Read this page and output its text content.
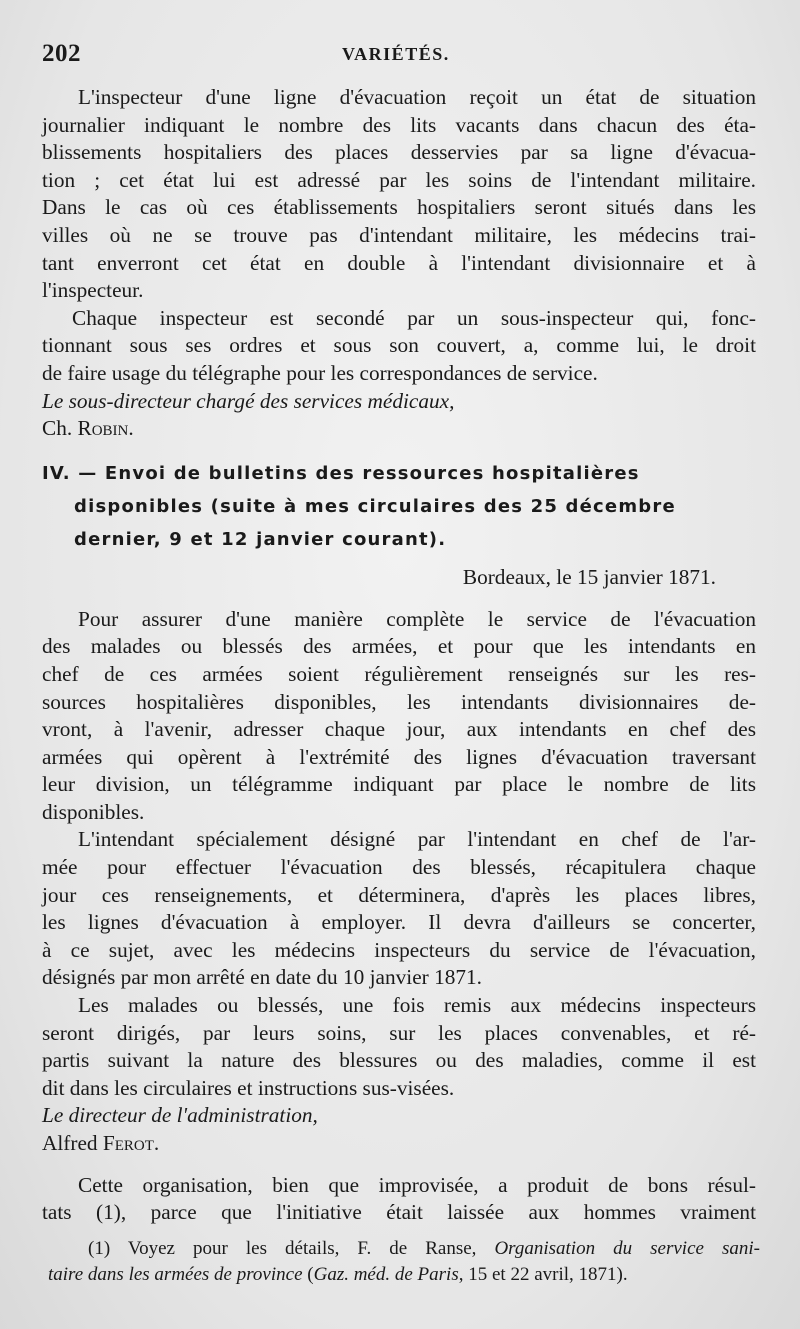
202	VARIÉTÉS.
L'inspecteur d'une ligne d'évacuation reçoit un état de situation
journalier indiquant le nombre des lits vacants dans chacun des éta-
blissements hospitaliers des places desservies par sa ligne d'évacua-
tion ; cet état lui est adressé par les soins de l'intendant militaire.
Dans le cas où ces établissements hospitaliers seront situés dans les
villes où ne se trouve pas d'intendant militaire, les médecins trai-
tant enverront cet état en double à l'intendant divisionnaire et à
l'inspecteur.
Chaque inspecteur est secondé par un sous-inspecteur qui, fonc-
tionnant sous ses ordres et sous son couvert, a, comme lui, le droit
de faire usage du télégraphe pour les correspondances de service.
Le sous-directeur chargé des services médicaux,
Ch. Robin.
IV. — Envoi de bulletins des ressources hospitalières
disponibles (suite à mes circulaires des 25 décembre
dernier, 9 et 12 janvier courant).
Bordeaux, le 15 janvier 1871.
Pour assurer d'une manière complète le service de l'évacuation
des malades ou blessés des armées, et pour que les intendants en
chef de ces armées soient régulièrement renseignés sur les res-
sources hospitalières disponibles, les intendants divisionnaires de-
vront, à l'avenir, adresser chaque jour, aux intendants en chef des
armées qui opèrent à l'extrémité des lignes d'évacuation traversant
leur division, un télégramme indiquant par place le nombre de lits
disponibles.
L'intendant spécialement désigné par l'intendant en chef de l'ar-
mée pour effectuer l'évacuation des blessés, récapitulera chaque
jour ces renseignements, et déterminera, d'après les places libres,
les lignes d'évacuation à employer. Il devra d'ailleurs se concerter,
à ce sujet, avec les médecins inspecteurs du service de l'évacuation,
désignés par mon arrêté en date du 10 janvier 1871.
Les malades ou blessés, une fois remis aux médecins inspecteurs
seront dirigés, par leurs soins, sur les places convenables, et ré-
partis suivant la nature des blessures ou des maladies, comme il est
dit dans les circulaires et instructions sus-visées.
Le directeur de l'administration,
Alfred Ferot.
Cette organisation, bien que improvisée, a produit de bons résul-
tats (1), parce que l'initiative était laissée aux hommes vraiment
(1) Voyez pour les détails, F. de Ranse, Organisation du service sani-
taire dans les armées de province (Gaz. méd. de Paris, 15 et 22 avril, 1871).
